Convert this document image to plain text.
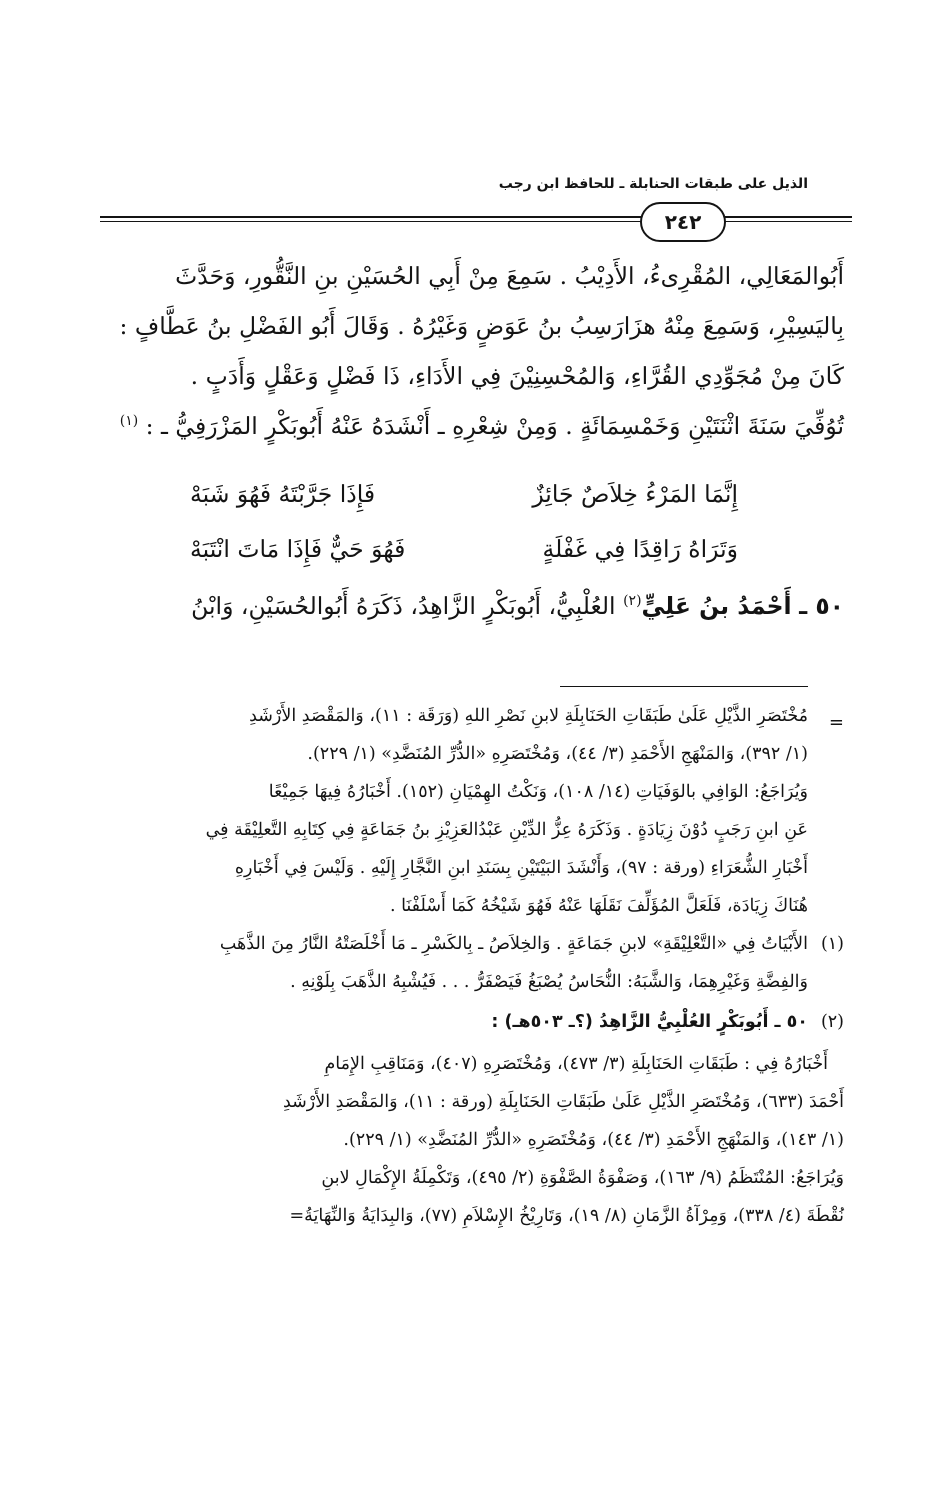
الذيل على طبقات الحنابلة ـ للحافظ ابن رجب
٢٤٢
أَبُوالمَعَالِي، المُقْرِىءُ، الأَدِيْبُ . سَمِعَ مِنْ أَبِي الحُسَيْنِ بنِ النَّقُّورِ، وَحَدَّثَ
بِاليَسِيْرِ، وَسَمِعَ مِنْهُ هزَارَسِبُ بنُ عَوَضٍ وَغَيْرُهُ . وَقَالَ أَبُو الفَضْلِ بنُ عَطَّافٍ :
كَانَ مِنْ مُجَوِّدِي القُرَّاءِ، وَالمُحْسِنِيْنَ فِي الأَدَاءِ، ذَا فَضْلٍ وَعَقْلٍ وَأَدَبٍ .
تُوُفِّيَ سَنَةَ اثْنَتَيْنِ وَخَمْسِمَائَةٍ . وَمِنْ شِعْرِهِ ـ أَنْشَدَهُ عَنْهُ أَبُوبَكْرٍ المَزْرَفِيُّ ـ : $^{(١)}$
إِنَّمَا المَرْءُ خِلاَصٌ جَائِزٌ
فَإِذَا جَرَّبْتَهُ فَهُوَ شَبَهْ
وَتَرَاهُ رَاقِدًا فِي غَفْلَةٍ
فَهُوَ حَيٌّ فَإِذَا مَاتَ انْتَبَهْ
٥٠ ـ أَحْمَدُ بنُ عَلِيٍّ$^{(٢)}$ العُلْبِيُّ، أَبُوبَكْرٍ الزَّاهِدُ، ذَكَرَهُ أَبُوالحُسَيْنِ، وَابْنُ
=
مُخْتَصَرِ الذَّيْلِ عَلَىٰ طَبَقَاتِ الحَنَابِلَةِ لابنِ نَصْرِ اللهِ (وَرَقَة : ١١)، وَالمَقْصَدِ الأَرْشَدِ
(١/ ٣٩٢)، وَالمَنْهَجِ الأَحْمَدِ (٣/ ٤٤)، وَمُخْتَصَرِهِ «الدُّرِّ المُنَضَّدِ» (١/ ٢٢٩).
وَيُرَاجَعُ: الوَافِي بالوَفَيَاتِ (١٤/ ١٠٨)، وَنَكْتُ الهِمْيَانِ (١٥٢). أَخْبَارُهُ فِيهَا جَمِيْعًا
عَنِ ابنِ رَجَبٍ دُوْنَ زِيَادَةٍ . وَذَكَرَهُ عِزُّ الدِّيْنِ عَبْدُالعَزِيْزِ بنُ جَمَاعَةٍ فِي كِتَابِهِ التَّعلِيْقَة فِي
أَخْبَارِ الشُّعَرَاءِ (ورقة : ٩٧)، وَأَنْشَدَ البَيْتَيْنِ بِسَنَدِ ابنِ النَّجَّارِ إِلَيْهِ . وَلَيْسَ فِي أَخْبَارِهِ
هُنَاكَ زِيَادَة، فَلَعَلَّ المُؤَلِّفَ نَقَلَهَا عَنْهُ فَهُوَ شَيْخُهُ كَمَا أَسْلَفْنَا .
(١)
الأَبْيَاتُ فِي «التَّعْلِيْقَةِ» لابنِ جَمَاعَةٍ . وَالخِلاَصُ ـ بِالكَسْرِ ـ مَا أَخْلَصَتْهُ النَّارُ مِنَ الذَّهَبِ
وَالفِضَّةِ وَغَيْرِهِمَا، وَالشَّبَهُ: النُّحَاسُ يُصْبَغُ فَيَصْفَرُّ . . . فَيُشْبِهُ الذَّهَبَ بِلَوْنِهِ .
(٢)
٥٠ ـ أَبُوبَكْرٍ العُلْبِيُّ الزَّاهِدُ (؟ـ ٥٠٣هـ) :
أَخْبَارُهُ فِي : طَبَقَاتِ الحَنَابِلَةِ (٣/ ٤٧٣)، وَمُخْتَصَرِهِ (٤٠٧)، وَمَنَاقِبِ الإِمَامِ
أَحْمَدَ (٦٣٣)، وَمُخْتَصَرِ الذَّيْلِ عَلَىٰ طَبَقَاتِ الحَنَابِلَةِ (ورقة : ١١)، وَالمَقْصَدِ الأَرْشَدِ
(١/ ١٤٣)، وَالمَنْهَجِ الأَحْمَدِ (٣/ ٤٤)، وَمُخْتَصَرِهِ «الدُّرِّ المُنَضَّدِ» (١/ ٢٢٩).
وَيُرَاجَعُ: المُنْتَظَمُ (٩/ ١٦٣)، وَصَفْوَةُ الصَّفْوَةِ (٢/ ٤٩٥)، وَتَكْمِلَةُ الإِكْمَالِ لابنِ
نُقْطَةَ (٤/ ٣٣٨)، وَمِرْآةُ الزَّمَانِ (٨/ ١٩)، وَتَارِيْخُ الإِسْلاَمِ (٧٧)، وَالبِدَايَةُ وَالنِّهَايَةُ=
